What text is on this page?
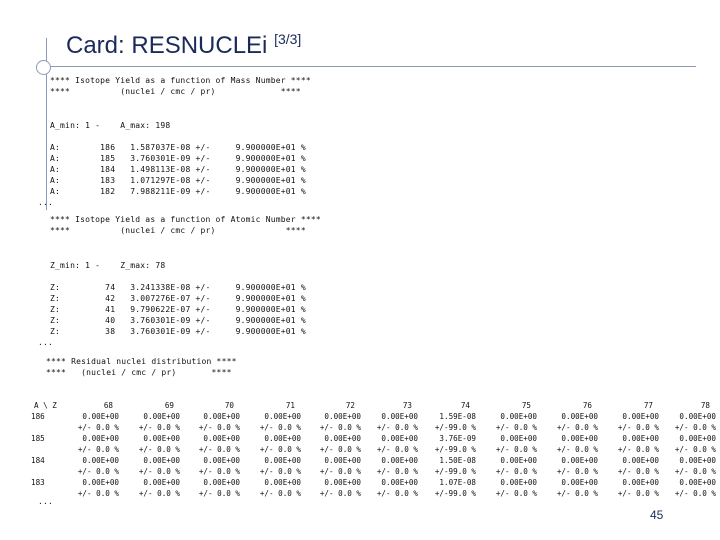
Card: RESNUCLEi [3/3]
**** Isotope Yield as a function of Mass Number ****
****          (nuclei / cmc / pr)             ****
A_min: 1 -    A_max: 198
A:        186   1.587037E-08 +/-     9.900000E+01 %
A:        185   3.760301E-09 +/-     9.900000E+01 %
A:        184   1.498113E-08 +/-     9.900000E+01 %
A:        183   1.071297E-08 +/-     9.900000E+01 %
A:        182   7.988211E-09 +/-     9.900000E+01 %
...
**** Isotope Yield as a function of Atomic Number ****
****          (nuclei / cmc / pr)              ****
Z_min: 1 -    Z_max: 78
Z:         74   3.241338E-08 +/-     9.900000E+01 %
Z:         42   3.007276E-07 +/-     9.900000E+01 %
Z:         41   9.790622E-07 +/-     9.900000E+01 %
Z:         40   3.760301E-09 +/-     9.900000E+01 %
Z:         38   3.760301E-09 +/-     9.900000E+01 %
...
**** Residual nuclei distribution ****
****   (nuclei / cmc / pr)       ****
A \ Z	68	69	70	71	72	73	74	75	76	77	78
186	0.00E+00	0.00E+00	0.00E+00	0.00E+00	0.00E+00	0.00E+00	1.59E-08	0.00E+00	0.00E+00	0.00E+00	0.00E+00
+/- 0.0 %	+/- 0.0 %	+/- 0.0 %	+/- 0.0 %	+/- 0.0 %	+/- 0.0 %	+/-99.0 %	+/- 0.0 %	+/- 0.0 %	+/- 0.0 %	+/- 0.0 %
185	0.00E+00	0.00E+00	0.00E+00	0.00E+00	0.00E+00	0.00E+00	3.76E-09	0.00E+00	0.00E+00	0.00E+00	0.00E+00
+/- 0.0 %	+/- 0.0 %	+/- 0.0 %	+/- 0.0 %	+/- 0.0 %	+/- 0.0 %	+/-99.0 %	+/- 0.0 %	+/- 0.0 %	+/- 0.0 %	+/- 0.0 %
184	0.00E+00	0.00E+00	0.00E+00	0.00E+00	0.00E+00	0.00E+00	1.50E-08	0.00E+00	0.00E+00	0.00E+00	0.00E+00
+/- 0.0 %	+/- 0.0 %	+/- 0.0 %	+/- 0.0 %	+/- 0.0 %	+/- 0.0 %	+/-99.0 %	+/- 0.0 %	+/- 0.0 %	+/- 0.0 %	+/- 0.0 %
183	0.00E+00	0.00E+00	0.00E+00	0.00E+00	0.00E+00	0.00E+00	1.07E-08	0.00E+00	0.00E+00	0.00E+00	0.00E+00
+/- 0.0 %	+/- 0.0 %	+/- 0.0 %	+/- 0.0 %	+/- 0.0 %	+/- 0.0 %	+/-99.0 %	+/- 0.0 %	+/- 0.0 %	+/- 0.0 %	+/- 0.0 %
...
45
